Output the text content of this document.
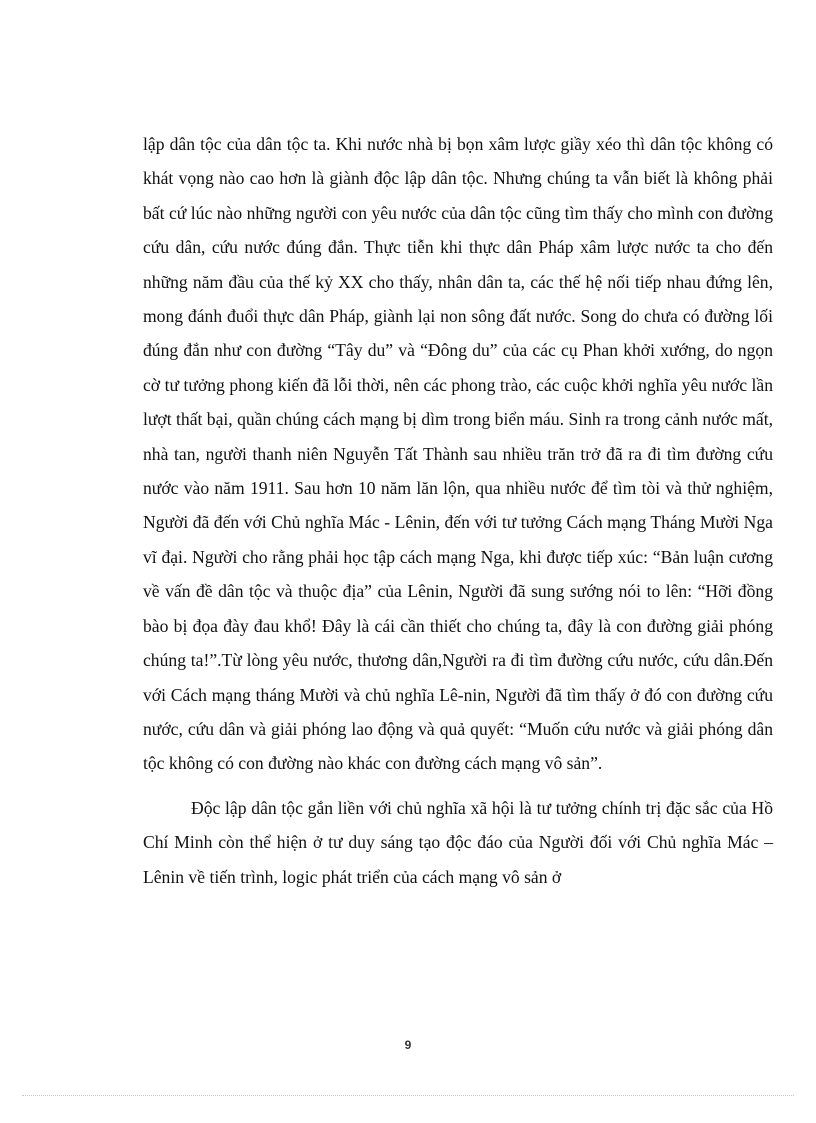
lập dân tộc của dân tộc ta. Khi nước nhà bị bọn xâm lược giầy xéo thì dân tộc không có khát vọng nào cao hơn là giành độc lập dân tộc. Nhưng chúng ta vẫn biết là không phải bất cứ lúc nào những người con yêu nước của dân tộc cũng tìm thấy cho mình con đường cứu dân, cứu nước đúng đắn. Thực tiễn khi thực dân Pháp xâm lược nước ta cho đến những năm đầu của thế kỷ XX cho thấy, nhân dân ta, các thế hệ nối tiếp nhau đứng lên, mong đánh đuổi thực dân Pháp, giành lại non sông đất nước. Song do chưa có đường lối đúng đắn như con đường “Tây du” và “Đông du” của các cụ Phan khởi xướng, do ngọn cờ tư tưởng phong kiến đã lỗi thời, nên các phong trào, các cuộc khởi nghĩa yêu nước lần lượt thất bại, quần chúng cách mạng bị dìm trong biển máu. Sinh ra trong cảnh nước mất, nhà tan, người thanh niên Nguyễn Tất Thành sau nhiều trăn trở đã ra đi tìm đường cứu nước vào năm 1911. Sau hơn 10 năm lăn lộn, qua nhiều nước để tìm tòi và thử nghiệm, Người đã đến với Chủ nghĩa Mác - Lênin, đến với tư tưởng Cách mạng Tháng Mười Nga vĩ đại. Người cho rằng phải học tập cách mạng Nga, khi được tiếp xúc: “Bản luận cương về vấn đề dân tộc và thuộc địa” của Lênin, Người đã sung sướng nói to lên: “Hỡi đồng bào bị đọa đày đau khổ! Đây là cái cần thiết cho chúng ta, đây là con đường giải phóng chúng ta!”.Từ lòng yêu nước, thương dân,Người ra đi tìm đường cứu nước, cứu dân.Đến với Cách mạng tháng Mười và chủ nghĩa Lê-nin, Người đã tìm thấy ở đó con đường cứu nước, cứu dân và giải phóng lao động và quả quyết: “Muốn cứu nước và giải phóng dân tộc không có con đường nào khác con đường cách mạng vô sản”.

Độc lập dân tộc gắn liền với chủ nghĩa xã hội là tư tưởng chính trị đặc sắc của Hồ Chí Minh còn thể hiện ở tư duy sáng tạo độc đáo của Người đối với Chủ nghĩa Mác – Lênin về tiến trình, logic phát triển của cách mạng vô sản ở

9
